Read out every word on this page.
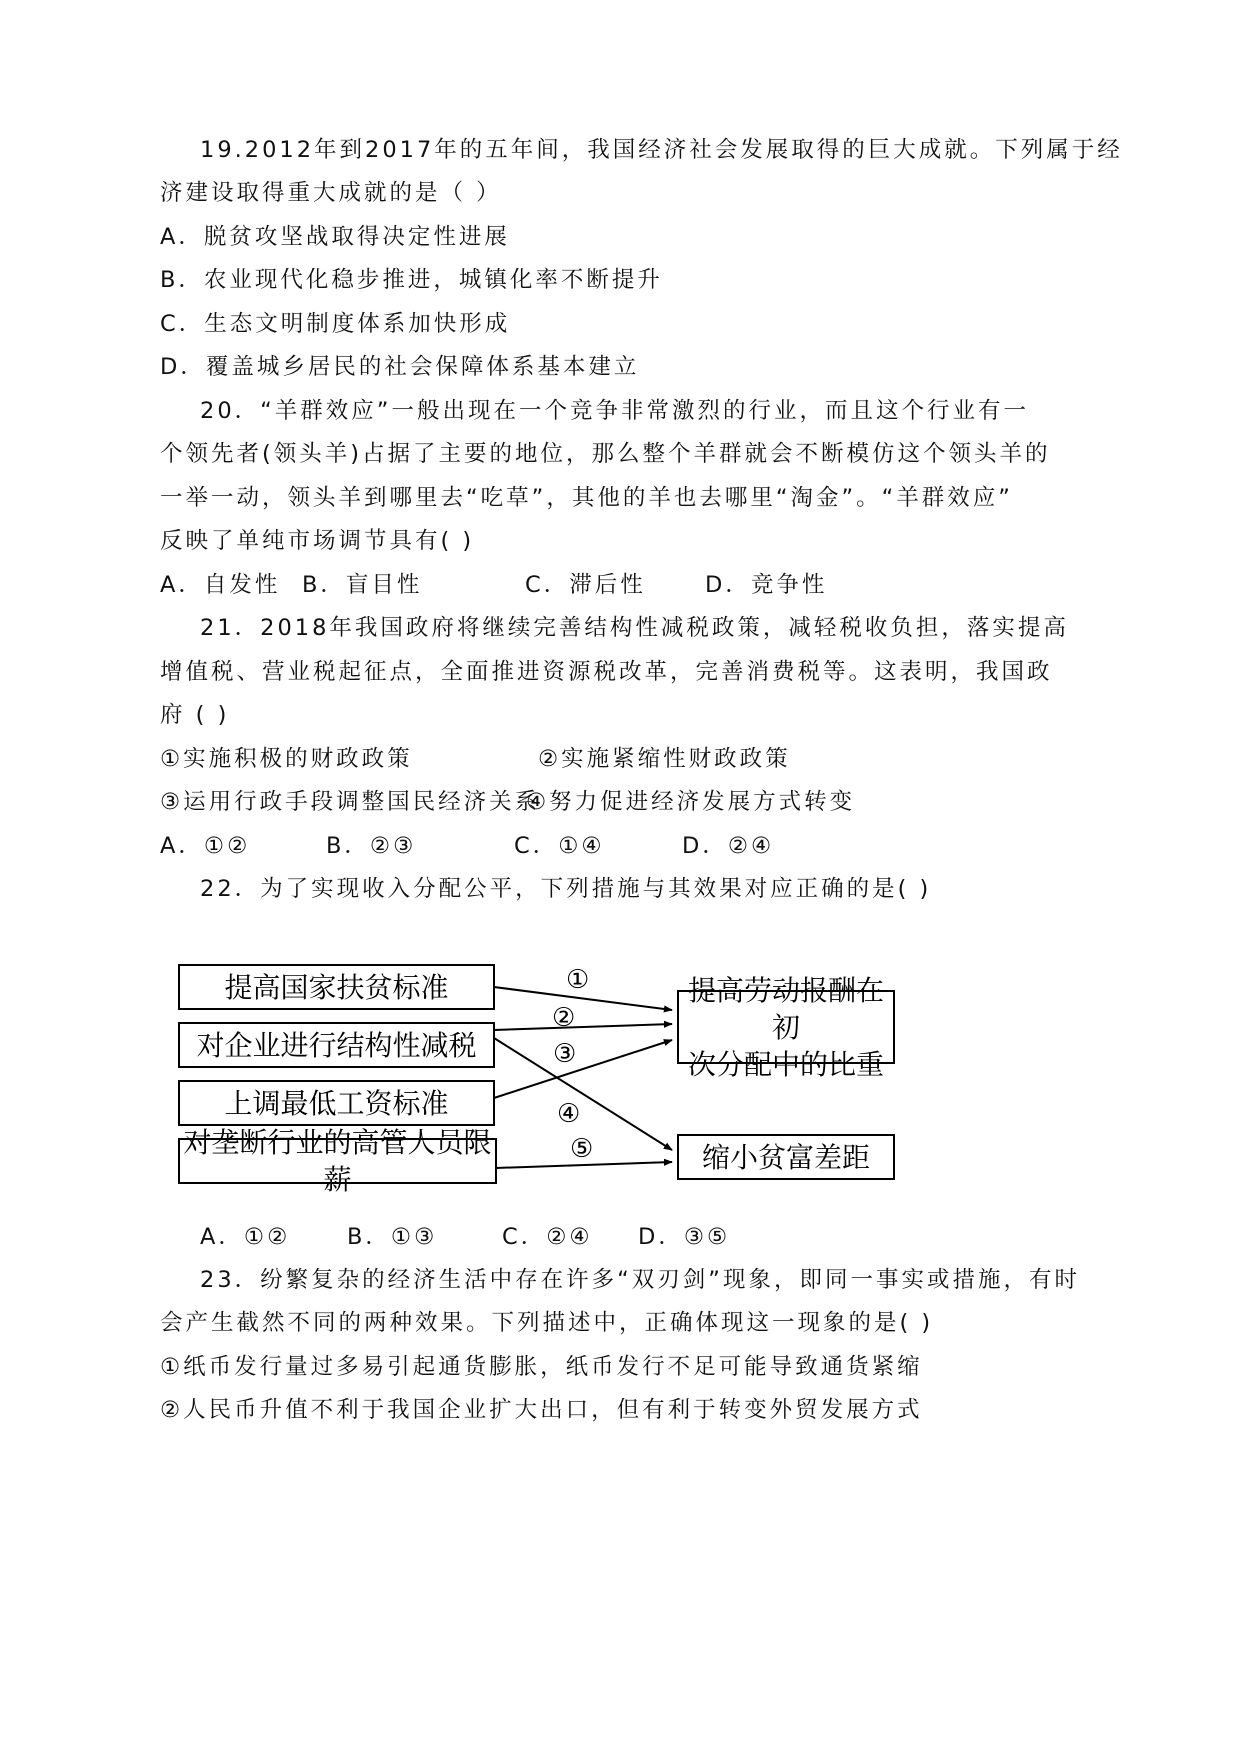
19.2012年到2017年的五年间，我国经济社会发展取得的巨大成就。下列属于经
济建设取得重大成就的是（ ）
A．脱贫攻坚战取得决定性进展
B．农业现代化稳步推进，城镇化率不断提升
C．生态文明制度体系加快形成
D．覆盖城乡居民的社会保障体系基本建立
20．“羊群效应”一般出现在一个竞争非常激烈的行业，而且这个行业有一
个领先者(领头羊)占据了主要的地位，那么整个羊群就会不断模仿这个领头羊的
一举一动，领头羊到哪里去“吃草”，其他的羊也去哪里“淘金”。“羊群效应”
反映了单纯市场调节具有( )
A．自发性 B．盲目性	C．滞后性	D．竞争性
21．2018年我国政府将继续完善结构性减税政策，减轻税收负担，落实提高
增值税、营业税起征点，全面推进资源税改革，完善消费税等。这表明，我国政
府 ( )
①实施积极的财政政策	②实施紧缩性财政政策
③运用行政手段调整国民经济关系
④努力促进经济发展方式转变
A．①②	B．②③	C．①④	D．②④
22．为了实现收入分配公平，下列措施与其效果对应正确的是( )
提高国家扶贫标准
对企业进行结构性减税
上调最低工资标准
对垄断行业的高管人员限薪
提高劳动报酬在初
次分配中的比重
缩小贫富差距
①
②
③
④
⑤
A．①②	B．①③	C．②④ D．③⑤
23．纷繁复杂的经济生活中存在许多“双刃剑”现象，即同一事实或措施，有时
会产生截然不同的两种效果。下列描述中，正确体现这一现象的是( )
①纸币发行量过多易引起通货膨胀，纸币发行不足可能导致通货紧缩
②人民币升值不利于我国企业扩大出口，但有利于转变外贸发展方式
